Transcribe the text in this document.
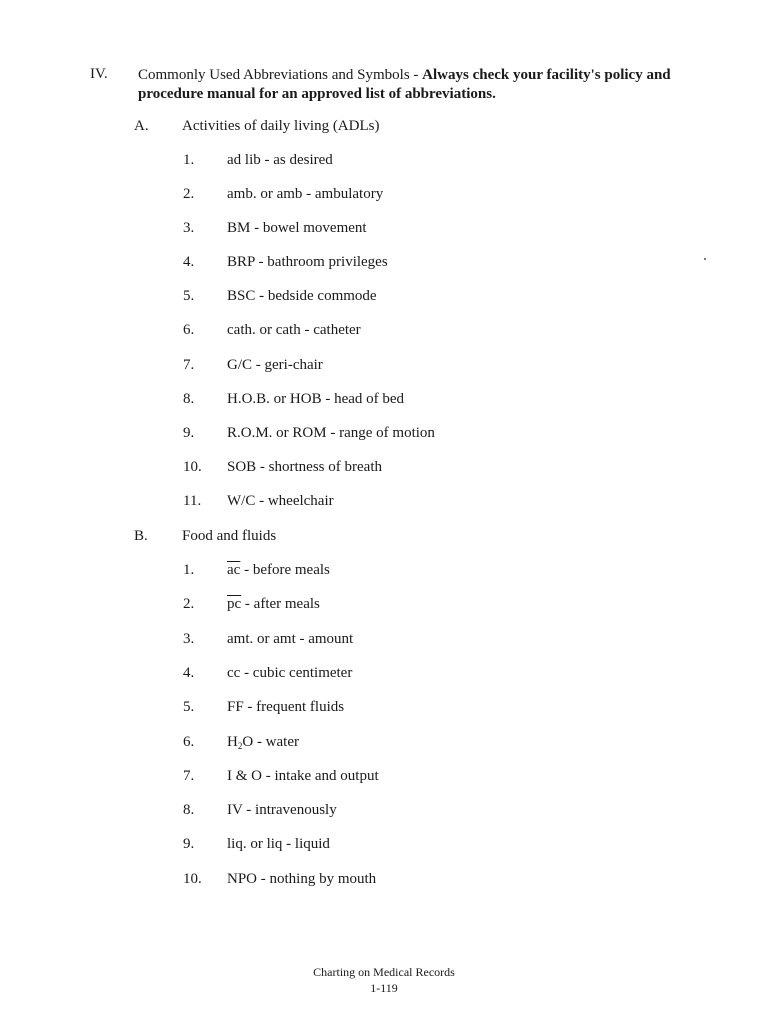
IV. Commonly Used Abbreviations and Symbols - Always check your facility's policy and procedure manual for an approved list of abbreviations.
A. Activities of daily living (ADLs)
1. ad lib - as desired
2. amb. or amb - ambulatory
3. BM - bowel movement
4. BRP - bathroom privileges
5. BSC - bedside commode
6. cath. or cath - catheter
7. G/C - geri-chair
8. H.O.B. or HOB - head of bed
9. R.O.M. or ROM - range of motion
10. SOB - shortness of breath
11. W/C - wheelchair
B. Food and fluids
1. $\overline{ac}$ - before meals
2. $\overline{pc}$ - after meals
3. amt. or amt - amount
4. cc - cubic centimeter
5. FF - frequent fluids
6. $H_2O$ - water
7. I & O - intake and output
8. IV - intravenously
9. liq. or liq - liquid
10. NPO - nothing by mouth
Charting on Medical Records
1-119
